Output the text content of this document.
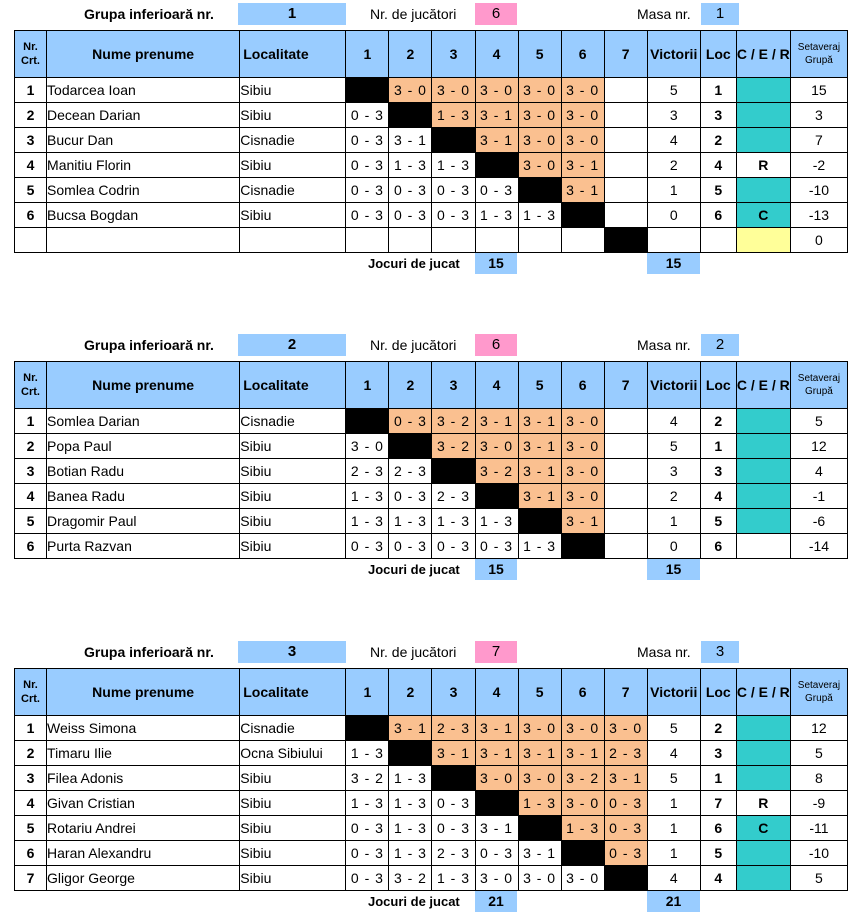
Grupa inferioară nr.	1	Nr. de jucători	6	Masa nr.	1
Nr. Crt.	Nume prenume	Localitate	1	2	3	4	5	6	7	Victorii	Loc	C / E / R	Setaveraj Grupă
1	Todarcea Ioan	Sibiu		3 - 0	3 - 0	3 - 0	3 - 0	3 - 0		5	1		15
2	Decean Darian	Sibiu	0 - 3		1 - 3	3 - 1	3 - 0	3 - 0		3	3		3
3	Bucur Dan	Cisnadie	0 - 3	3 - 1		3 - 1	3 - 0	3 - 0		4	2		7
4	Manitiu Florin	Sibiu	0 - 3	1 - 3	1 - 3		3 - 0	3 - 1		2	4	R	-2
5	Somlea Codrin	Cisnadie	0 - 3	0 - 3	0 - 3	0 - 3		3 - 1		1	5		-10
6	Bucsa Bogdan	Sibiu	0 - 3	0 - 3	0 - 3	1 - 3	1 - 3			0	6	C	-13
													0
Jocuri de jucat	15	15
Grupa inferioară nr.	2	Nr. de jucători	6	Masa nr.	2
Nr. Crt.	Nume prenume	Localitate	1	2	3	4	5	6	7	Victorii	Loc	C / E / R	Setaveraj Grupă
1	Somlea Darian	Cisnadie		0 - 3	3 - 2	3 - 1	3 - 1	3 - 0		4	2		5
2	Popa Paul	Sibiu	3 - 0		3 - 2	3 - 0	3 - 1	3 - 0		5	1		12
3	Botian Radu	Sibiu	2 - 3	2 - 3		3 - 2	3 - 1	3 - 0		3	3		4
4	Banea Radu	Sibiu	1 - 3	0 - 3	2 - 3		3 - 1	3 - 0		2	4		-1
5	Dragomir Paul	Sibiu	1 - 3	1 - 3	1 - 3	1 - 3		3 - 1		1	5		-6
6	Purta Razvan	Sibiu	0 - 3	0 - 3	0 - 3	0 - 3	1 - 3			0	6		-14
Jocuri de jucat	15	15
Grupa inferioară nr.	3	Nr. de jucători	7	Masa nr.	3
Nr. Crt.	Nume prenume	Localitate	1	2	3	4	5	6	7	Victorii	Loc	C / E / R	Setaveraj Grupă
1	Weiss Simona	Cisnadie		3 - 1	2 - 3	3 - 1	3 - 0	3 - 0	3 - 0	5	2		12
2	Timaru Ilie	Ocna Sibiului	1 - 3		3 - 1	3 - 1	3 - 1	3 - 1	2 - 3	4	3		5
3	Filea Adonis	Sibiu	3 - 2	1 - 3		3 - 0	3 - 0	3 - 2	3 - 1	5	1		8
4	Givan Cristian	Sibiu	1 - 3	1 - 3	0 - 3		1 - 3	3 - 0	0 - 3	1	7	R	-9
5	Rotariu Andrei	Sibiu	0 - 3	1 - 3	0 - 3	3 - 1		1 - 3	0 - 3	1	6	C	-11
6	Haran Alexandru	Sibiu	0 - 3	1 - 3	2 - 3	0 - 3	3 - 1		0 - 3	1	5		-10
7	Gligor George	Sibiu	0 - 3	3 - 2	1 - 3	3 - 0	3 - 0	3 - 0		4	4		5
Jocuri de jucat	21	21
